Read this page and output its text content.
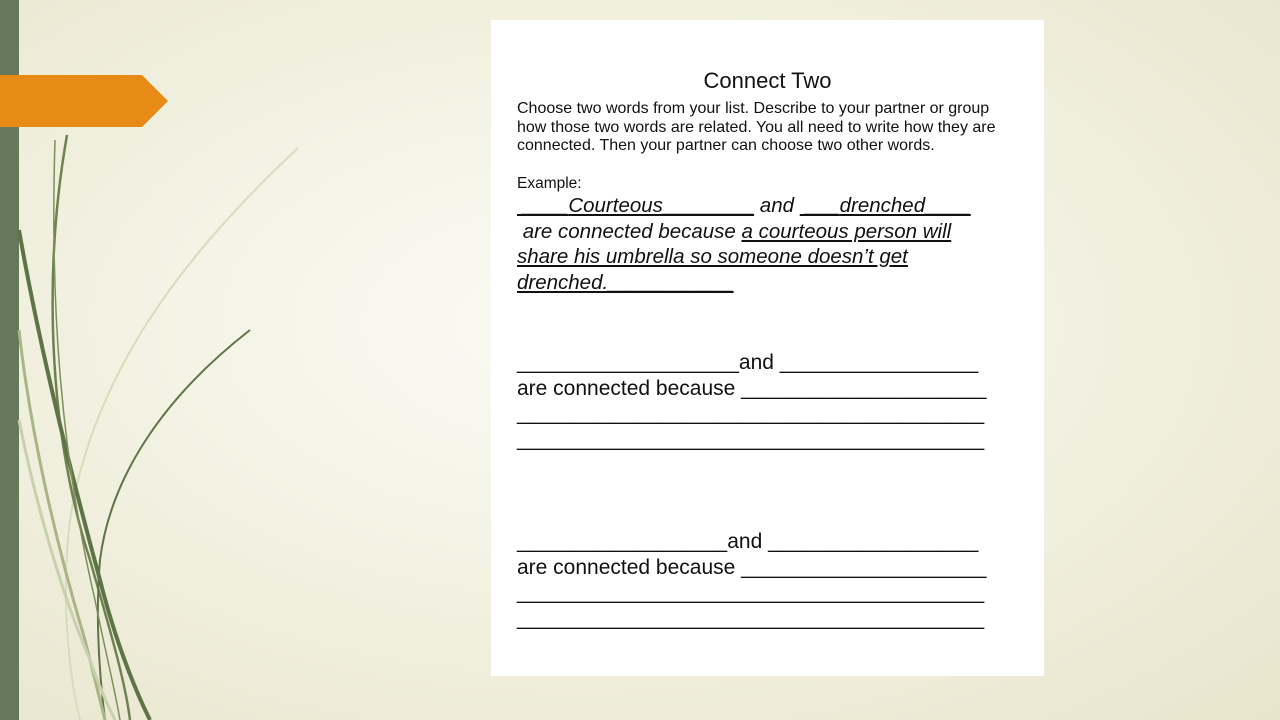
Connect Two
Choose two words from your list. Describe to your partner or group
how those two words are related. You all need to write how they are
connected. Then your partner can choose two other words.
Example:
____Courteous________ and  ___drenched____
are connected because a courteous person will
share his umbrella so someone doesn’t get
drenched.___________
___________________and _________________
are connected because _____________________
________________________________________
________________________________________
__________________and __________________
are connected because _____________________
________________________________________
________________________________________
